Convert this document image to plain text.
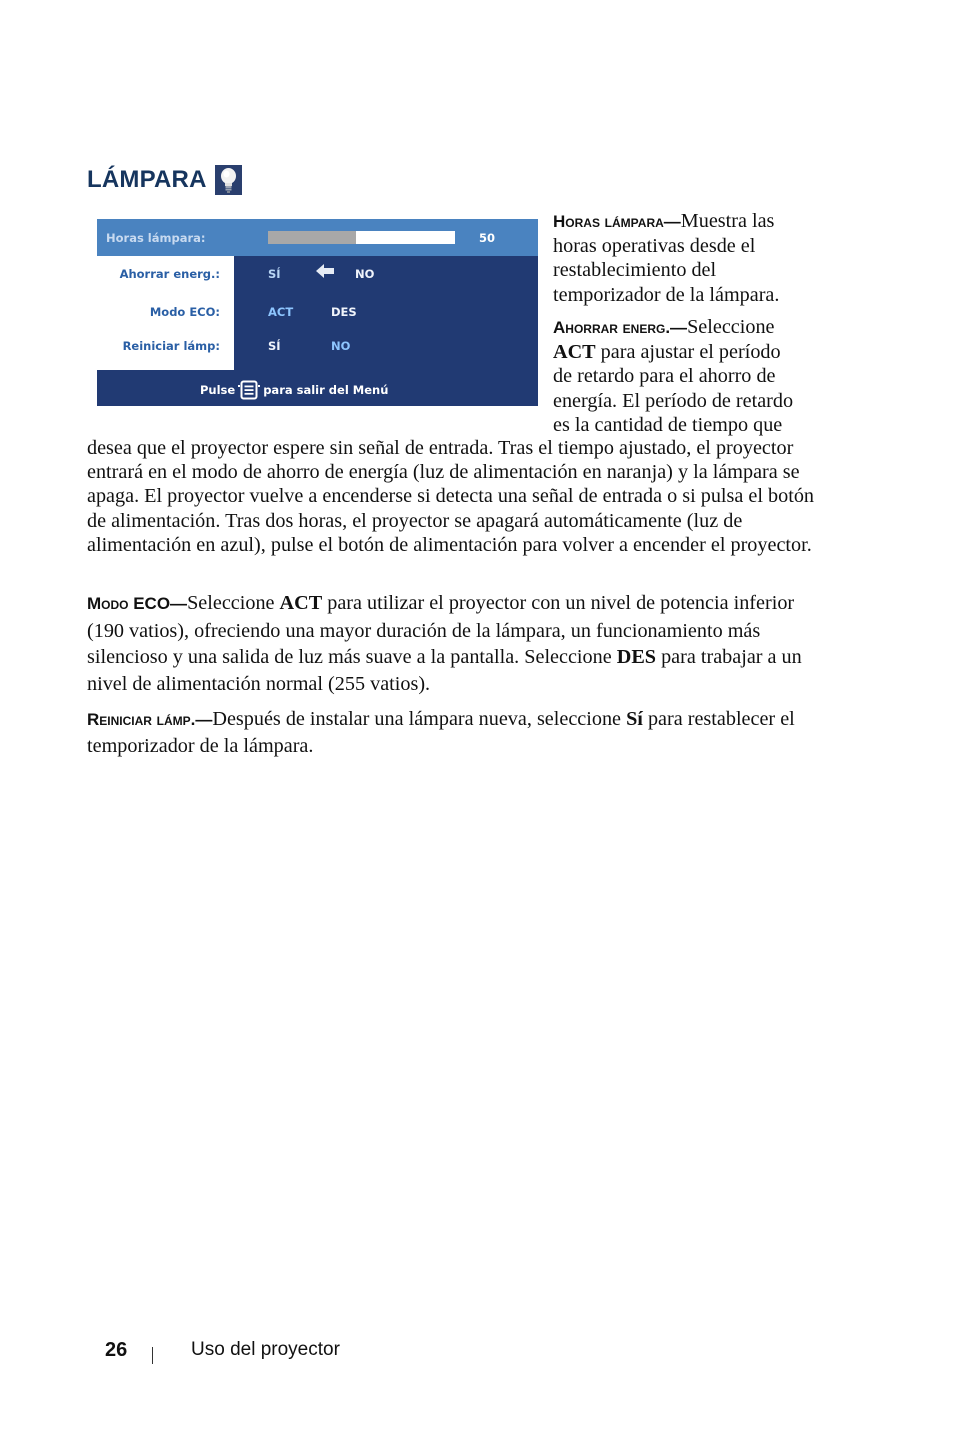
LÁMPARA
Horas lámpara:	50
Ahorrar energ.:	SÍ	NO
Modo ECO:	ACT	DES
Reiniciar lámp:	SÍ	NO
Pulse para salir del Menú

Horas lámpara—Muestra las horas operativas desde el restablecimiento del temporizador de la lámpara.

Ahorrar energ.—Seleccione
ACT para ajustar el período
de retardo para el ahorro de
energía. El período de retardo
es la cantidad de tiempo que

desea que el proyector espere sin señal de entrada. Tras el tiempo ajustado, el proyector entrará en el modo de ahorro de energía (luz de alimentación en naranja) y la lámpara se apaga. El proyector vuelve a encenderse si detecta una señal de entrada o si pulsa el botón de alimentación. Tras dos horas, el proyector se apagará automáticamente (luz de alimentación en azul), pulse el botón de alimentación para volver a encender el proyector.

Modo ECO—Seleccione ACT para utilizar el proyector con un nivel de potencia inferior (190 vatios), ofreciendo una mayor duración de la lámpara, un funcionamiento más silencioso y una salida de luz más suave a la pantalla. Seleccione DES para trabajar a un nivel de alimentación normal (255 vatios).

Reiniciar lámp.—Después de instalar una lámpara nueva, seleccione Sí para restablecer el temporizador de la lámpara.

26	Uso del proyector
